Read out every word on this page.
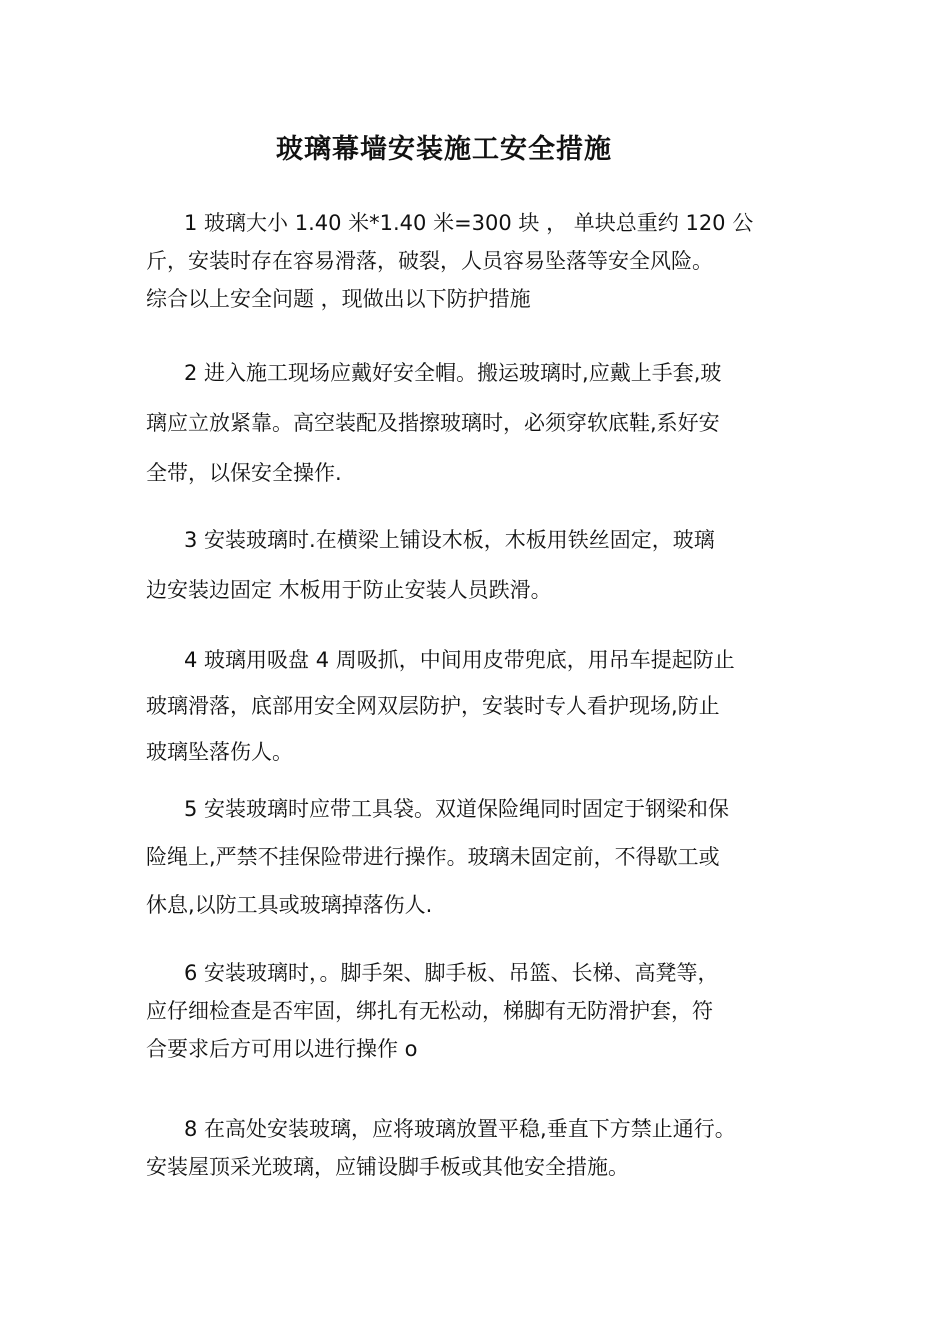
玻璃幕墙安装施工安全措施
1 玻璃大小 1.40 米*1.40 米=300 块 ， 单块总重约 120 公
斤，安装时存在容易滑落，破裂，人员容易坠落等安全风险。
综合以上安全问题 ，现做出以下防护措施
2 进入施工现场应戴好安全帽。搬运玻璃时,应戴上手套,玻
璃应立放紧靠。高空装配及揩擦玻璃时，必须穿软底鞋,系好安
全带，以保安全操作.
3 安装玻璃时.在横梁上铺设木板，木板用铁丝固定，玻璃
边安装边固定 木板用于防止安装人员跌滑。
4 玻璃用吸盘 4 周吸抓，中间用皮带兜底，用吊车提起防止
玻璃滑落，底部用安全网双层防护，安装时专人看护现场,防止
玻璃坠落伤人。
5 安装玻璃时应带工具袋。双道保险绳同时固定于钢梁和保
险绳上,严禁不挂保险带进行操作。玻璃未固定前，不得歇工或
休息,以防工具或玻璃掉落伤人.
6 安装玻璃时，。脚手架、脚手板、吊篮、长梯、高凳等，
应仔细检查是否牢固，绑扎有无松动，梯脚有无防滑护套，符
合要求后方可用以进行操作 o
8 在高处安装玻璃，应将玻璃放置平稳,垂直下方禁止通行。
安装屋顶采光玻璃，应铺设脚手板或其他安全措施。
